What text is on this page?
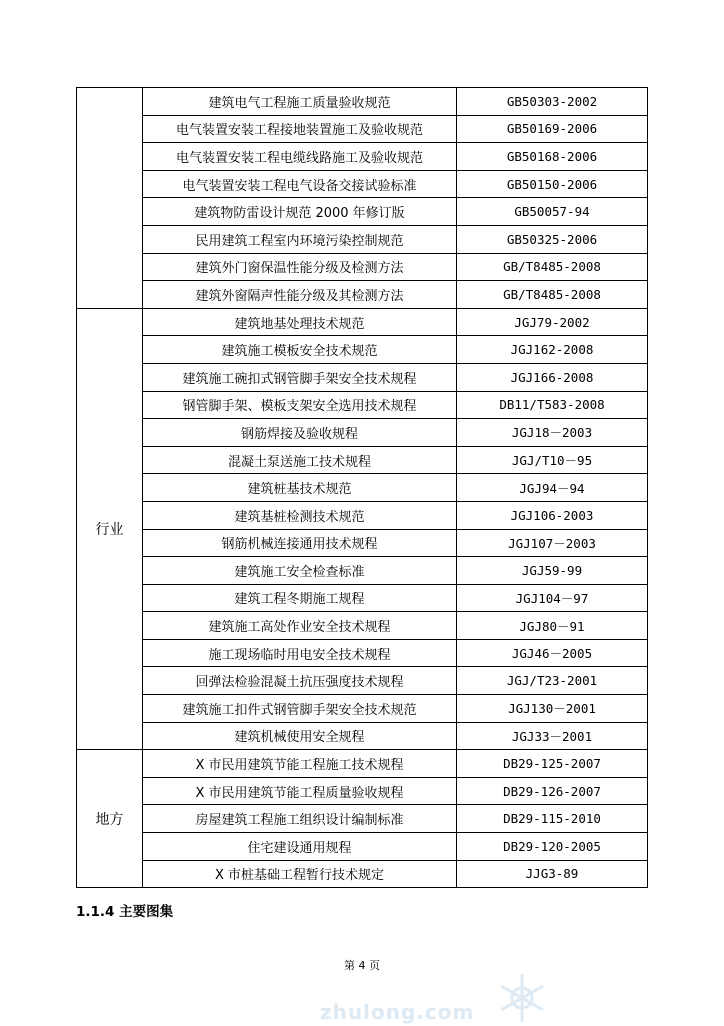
	建筑电气工程施工质量验收规范	GB50303-2002
	电气装置安装工程接地装置施工及验收规范	GB50169-2006
	电气装置安装工程电缆线路施工及验收规范	GB50168-2006
	电气装置安装工程电气设备交接试验标准	GB50150-2006
	建筑物防雷设计规范 2000 年修订版	GB50057-94
	民用建筑工程室内环境污染控制规范	GB50325-2006
	建筑外门窗保温性能分级及检测方法	GB/T8485-2008
	建筑外窗隔声性能分级及其检测方法	GB/T8485-2008
行业	建筑地基处理技术规范	JGJ79-2002
	建筑施工模板安全技术规范	JGJ162-2008
	建筑施工碗扣式钢管脚手架安全技术规程	JGJ166-2008
	钢管脚手架、模板支架安全选用技术规程	DB11/T583-2008
	钢筋焊接及验收规程	JGJ18－2003
	混凝土泵送施工技术规程	JGJ/T10－95
	建筑桩基技术规范	JGJ94－94
	建筑基桩检测技术规范	JGJ106-2003
	钢筋机械连接通用技术规程	JGJ107－2003
	建筑施工安全检查标准	JGJ59-99
	建筑工程冬期施工规程	JGJ104－97
	建筑施工高处作业安全技术规程	JGJ80－91
	施工现场临时用电安全技术规程	JGJ46－2005
	回弹法检验混凝土抗压强度技术规程	JGJ/T23-2001
	建筑施工扣件式钢管脚手架安全技术规范	JGJ130－2001
	建筑机械使用安全规程	JGJ33－2001
地方	X 市民用建筑节能工程施工技术规程	DB29-125-2007
	X 市民用建筑节能工程质量验收规程	DB29-126-2007
	房屋建筑工程施工组织设计编制标准	DB29-115-2010
	住宅建设通用规程	DB29-120-2005
	X 市桩基础工程暂行技术规定	JJG3-89
1.1.4 主要图集
第 4 页
zhulong.com
